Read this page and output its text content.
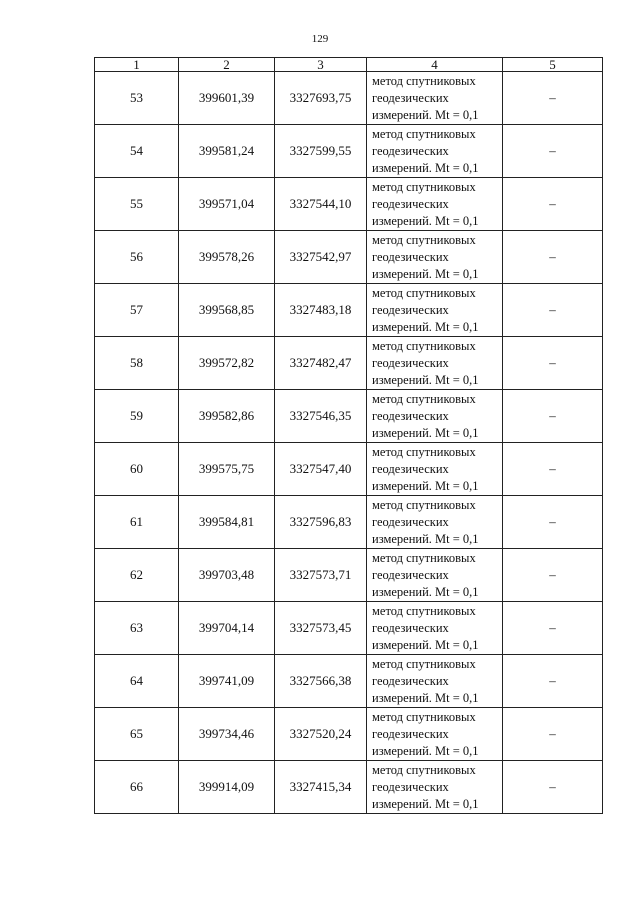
129
1	2	3	4	5
53	399601,39	3327693,75	метод спутниковых
геодезических
измерений. Mt = 0,1	–
54	399581,24	3327599,55	метод спутниковых
геодезических
измерений. Mt = 0,1	–
55	399571,04	3327544,10	метод спутниковых
геодезических
измерений. Mt = 0,1	–
56	399578,26	3327542,97	метод спутниковых
геодезических
измерений. Mt = 0,1	–
57	399568,85	3327483,18	метод спутниковых
геодезических
измерений. Mt = 0,1	–
58	399572,82	3327482,47	метод спутниковых
геодезических
измерений. Mt = 0,1	–
59	399582,86	3327546,35	метод спутниковых
геодезических
измерений. Mt = 0,1	–
60	399575,75	3327547,40	метод спутниковых
геодезических
измерений. Mt = 0,1	–
61	399584,81	3327596,83	метод спутниковых
геодезических
измерений. Mt = 0,1	–
62	399703,48	3327573,71	метод спутниковых
геодезических
измерений. Mt = 0,1	–
63	399704,14	3327573,45	метод спутниковых
геодезических
измерений. Mt = 0,1	–
64	399741,09	3327566,38	метод спутниковых
геодезических
измерений. Mt = 0,1	–
65	399734,46	3327520,24	метод спутниковых
геодезических
измерений. Mt = 0,1	–
66	399914,09	3327415,34	метод спутниковых
геодезических
измерений. Mt = 0,1	–
